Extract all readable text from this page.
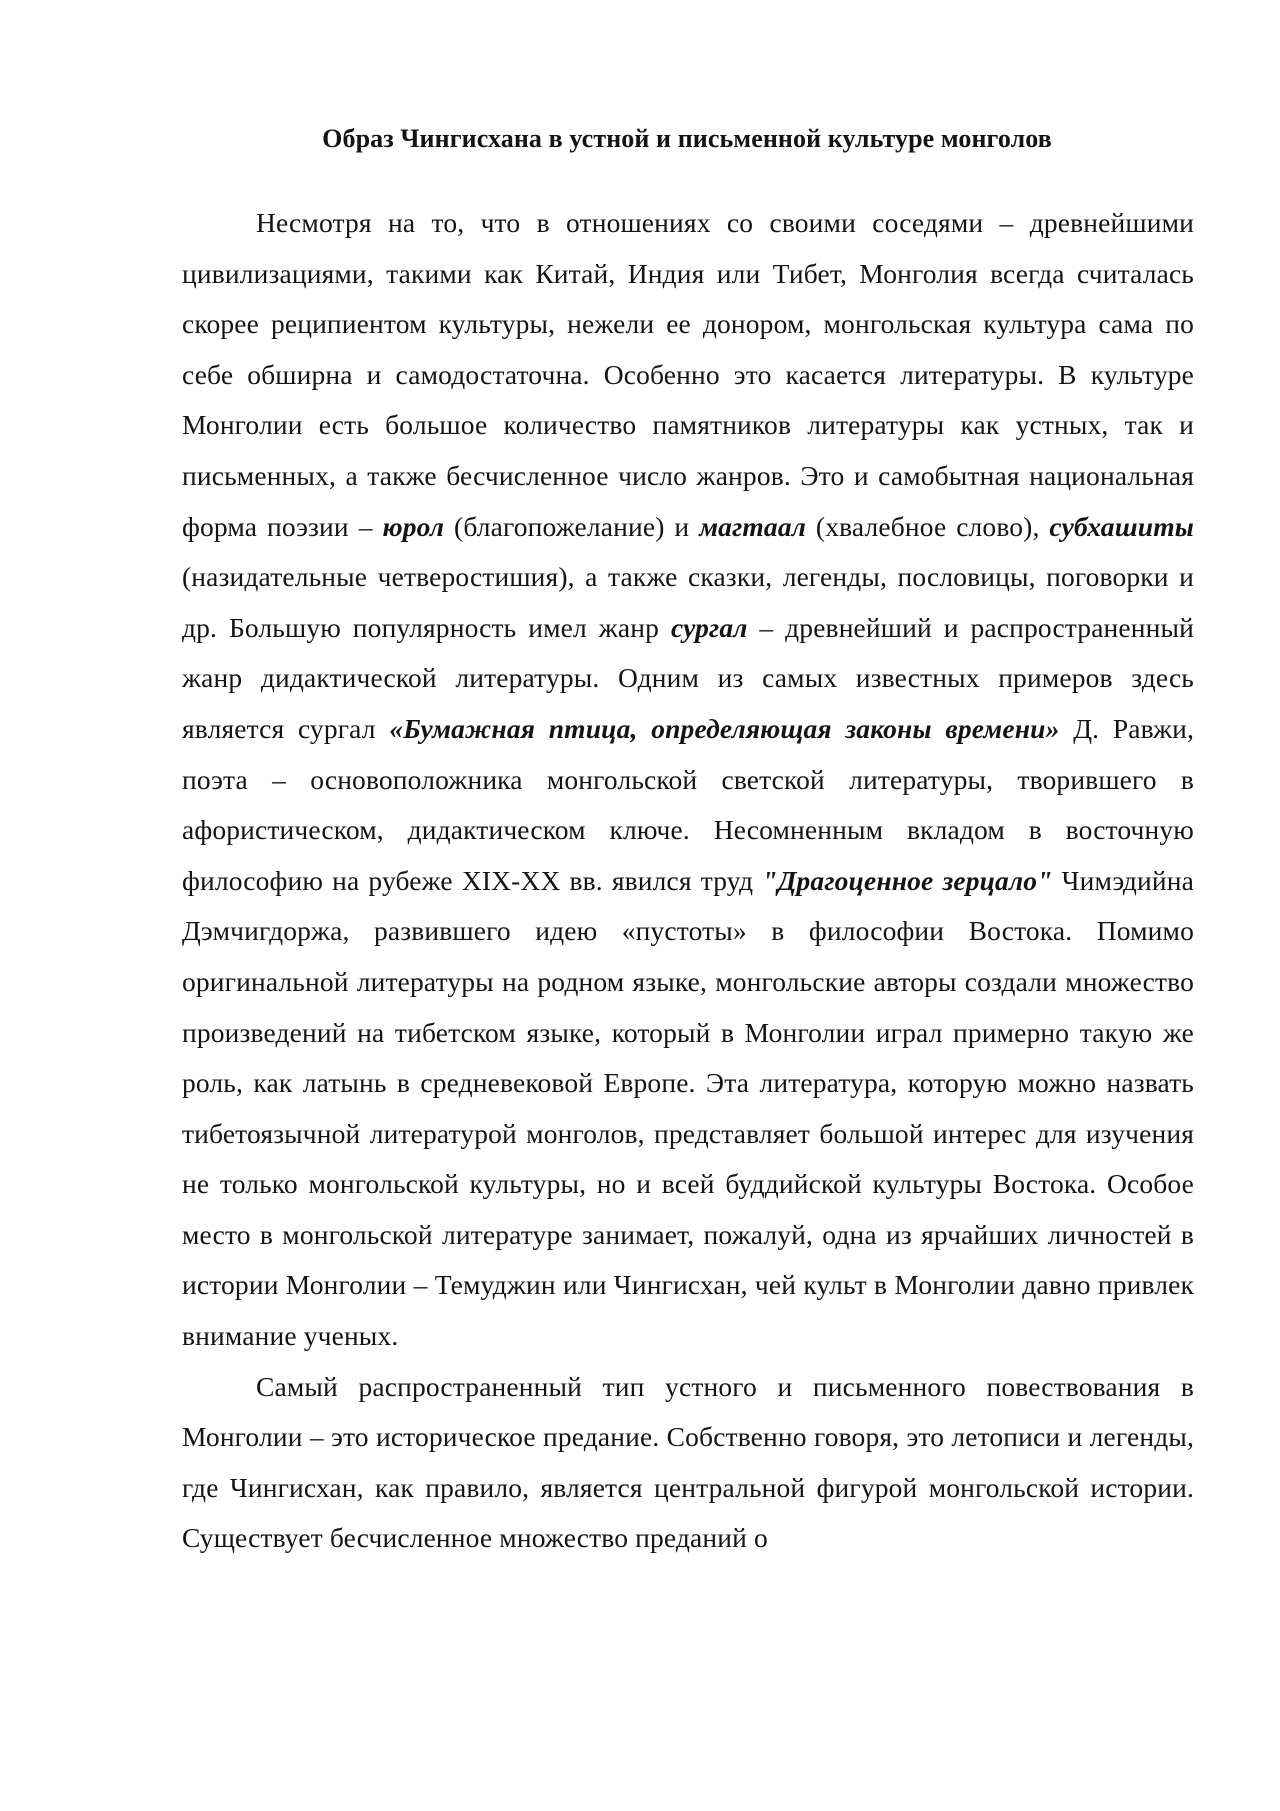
Образ Чингисхана в устной и письменной культуре монголов

Несмотря на то, что в отношениях со своими соседями – древнейшими цивилизациями, такими как Китай, Индия или Тибет, Монголия всегда считалась скорее реципиентом культуры, нежели ее донором, монгольская культура сама по себе обширна и самодостаточна. Особенно это касается литературы. В культуре Монголии есть большое количество памятников литературы как устных, так и письменных, а также бесчисленное число жанров. Это и самобытная национальная форма поэзии – юрол (благопожелание) и магтаал (хвалебное слово), субхашиты (назидательные четверостишия), а также сказки, легенды, пословицы, поговорки и др. Большую популярность имел жанр сургал – древнейший и распространенный жанр дидактической литературы. Одним из самых известных примеров здесь является сургал «Бумажная птица, определяющая законы времени» Д. Равжи, поэта – основоположника монгольской светской литературы, творившего в афористическом, дидактическом ключе. Несомненным вкладом в восточную философию на рубеже XIX-XX вв. явился труд "Драгоценное зерцало" Чимэдийна Дэмчигдоржа, развившего идею «пустоты» в философии Востока. Помимо оригинальной литературы на родном языке, монгольские авторы создали множество произведений на тибетском языке, который в Монголии играл примерно такую же роль, как латынь в средневековой Европе. Эта литература, которую можно назвать тибетоязычной литературой монголов, представляет большой интерес для изучения не только монгольской культуры, но и всей буддийской культуры Востока. Особое место в монгольской литературе занимает, пожалуй, одна из ярчайших личностей в истории Монголии – Темуджин или Чингисхан, чей культ в Монголии давно привлек внимание ученых.

Самый распространенный тип устного и письменного повествования в Монголии – это историческое предание. Собственно говоря, это летописи и легенды, где Чингисхан, как правило, является центральной фигурой монгольской истории. Существует бесчисленное множество преданий о
